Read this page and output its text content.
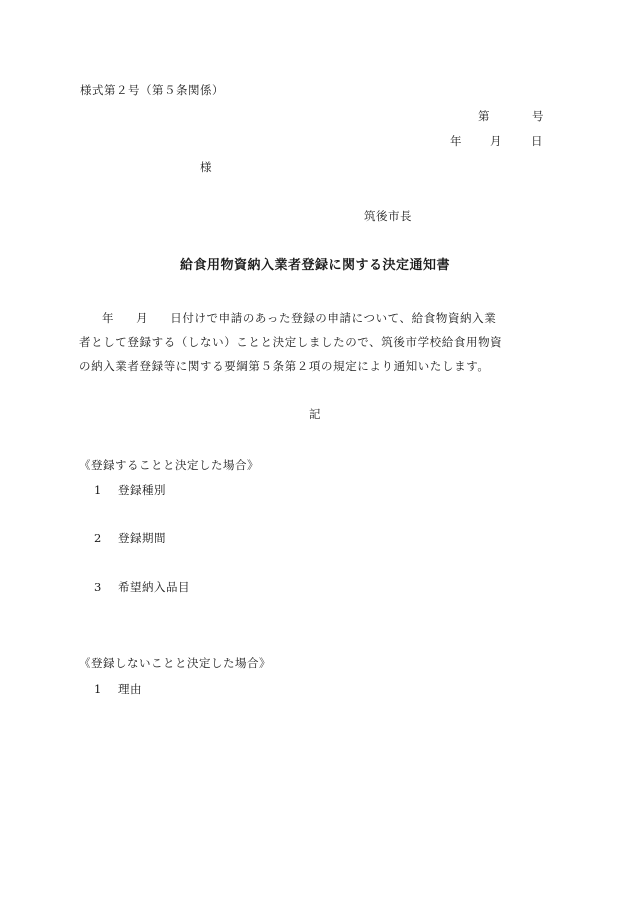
様式第２号（第５条関係）
第	号
年 月	日
様
筑後市長
給食用物資納入業者登録に関する決定通知書
年 月 日付けで申請のあった登録の申請について、給食物資納入業
者として登録する（しない）ことと決定しましたので、筑後市学校給食用物資
の納入業者登録等に関する要綱第５条第２項の規定により通知いたします。
記
《登録することと決定した場合》
1 登録種別
2 登録期間
3 希望納入品目
《登録しないことと決定した場合》
1 理由
